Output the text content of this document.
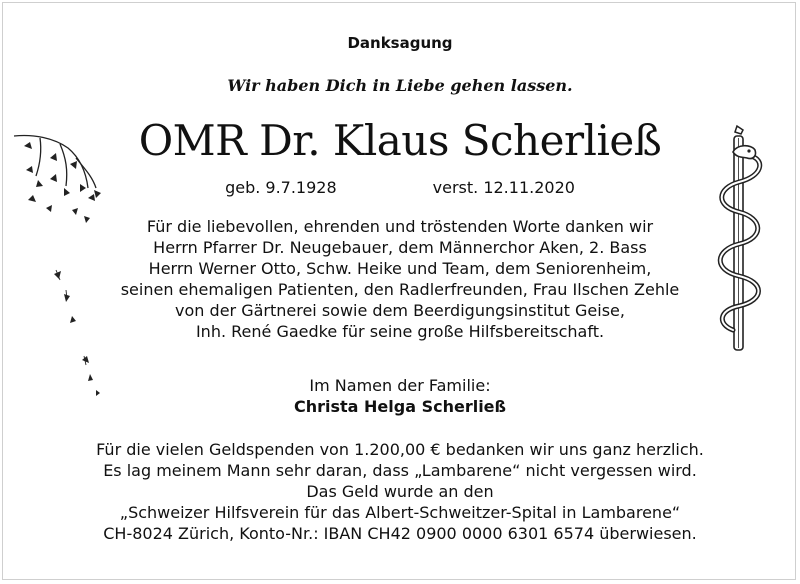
Danksagung
Wir haben Dich in Liebe gehen lassen.
OMR Dr. Klaus Scherließ
geb. 9.7.1928	verst. 12.11.2020
Für die liebevollen, ehrenden und tröstenden Worte danken wir
Herrn Pfarrer Dr. Neugebauer, dem Männerchor Aken, 2. Bass
Herrn Werner Otto, Schw. Heike und Team, dem Seniorenheim,
seinen ehemaligen Patienten, den Radlerfreunden, Frau Ilschen Zehle
von der Gärtnerei sowie dem Beerdigungsinstitut Geise,
Inh. René Gaedke für seine große Hilfsbereitschaft.
Im Namen der Familie:
Christa Helga Scherließ
Für die vielen Geldspenden von 1.200,00 € bedanken wir uns ganz herzlich.
Es lag meinem Mann sehr daran, dass „Lambarene“ nicht vergessen wird.
Das Geld wurde an den
„Schweizer Hilfsverein für das Albert-Schweitzer-Spital in Lambarene“
CH-8024 Zürich, Konto-Nr.: IBAN CH42 0900 0000 6301 6574 überwiesen.
